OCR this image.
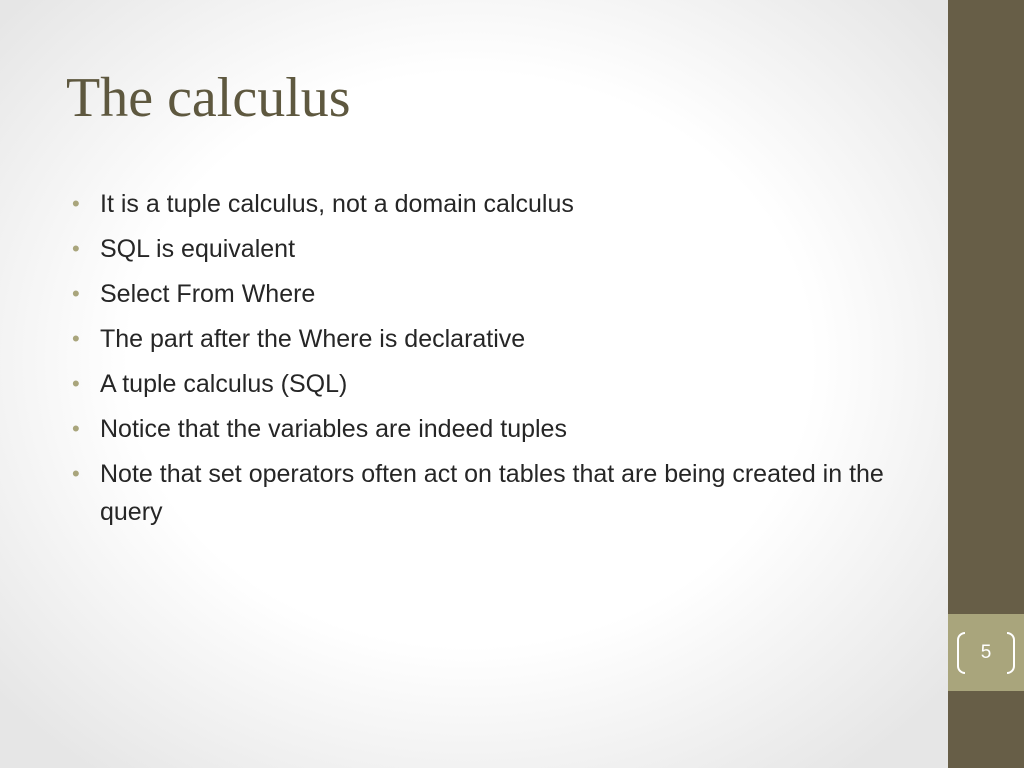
The calculus
• It is a tuple calculus, not a domain calculus
• SQL is equivalent
• Select From Where
• The part after the Where is declarative
• A tuple calculus (SQL)
• Notice that the variables are indeed tuples
• Note that set operators often act on tables that are being created in the query
5
